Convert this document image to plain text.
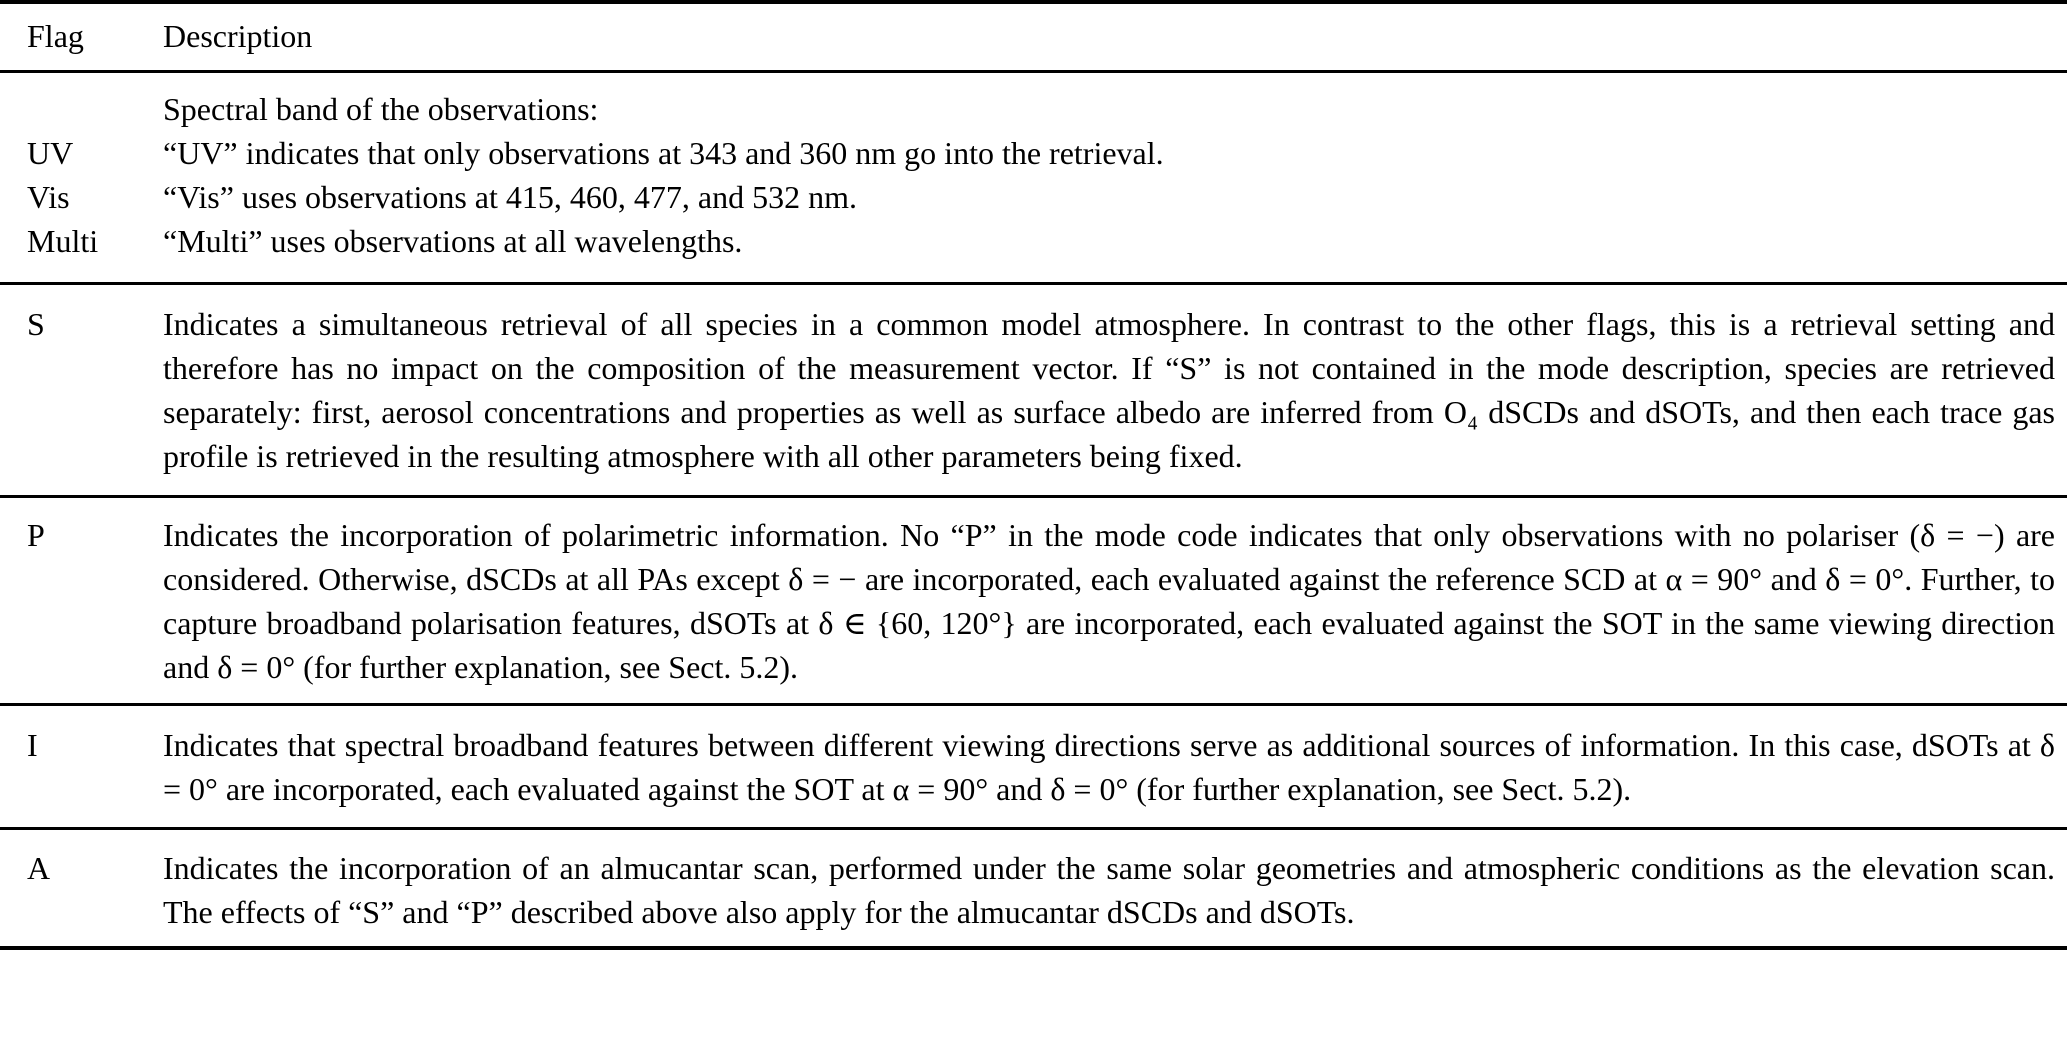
Flag	Description
Spectral band of the observations:
UV	“UV” indicates that only observations at 343 and 360 nm go into the retrieval.
Vis	“Vis” uses observations at 415, 460, 477, and 532 nm.
Multi	“Multi” uses observations at all wavelengths.
S	Indicates a simultaneous retrieval of all species in a common model atmosphere. In contrast to the other flags, this is a retrieval setting and therefore has no impact on the composition of the measurement vector. If “S” is not contained in the mode description, species are retrieved separately: first, aerosol concentrations and properties as well as surface albedo are inferred from O₄ dSCDs and dSOTs, and then each trace gas profile is retrieved in the resulting atmosphere with all other parameters being fixed.
P	Indicates the incorporation of polarimetric information. No “P” in the mode code indicates that only observations with no polariser (δ = −) are considered. Otherwise, dSCDs at all PAs except δ = − are incorporated, each evaluated against the reference SCD at α = 90° and δ = 0°. Further, to capture broadband polarisation features, dSOTs at δ ∈ {60, 120°} are incorporated, each evaluated against the SOT in the same viewing direction and δ = 0° (for further explanation, see Sect. 5.2).
I	Indicates that spectral broadband features between different viewing directions serve as additional sources of information. In this case, dSOTs at δ = 0° are incorporated, each evaluated against the SOT at α = 90° and δ = 0° (for further explanation, see Sect. 5.2).
A	Indicates the incorporation of an almucantar scan, performed under the same solar geometries and atmospheric conditions as the elevation scan. The effects of “S” and “P” described above also apply for the almucantar dSCDs and dSOTs.
